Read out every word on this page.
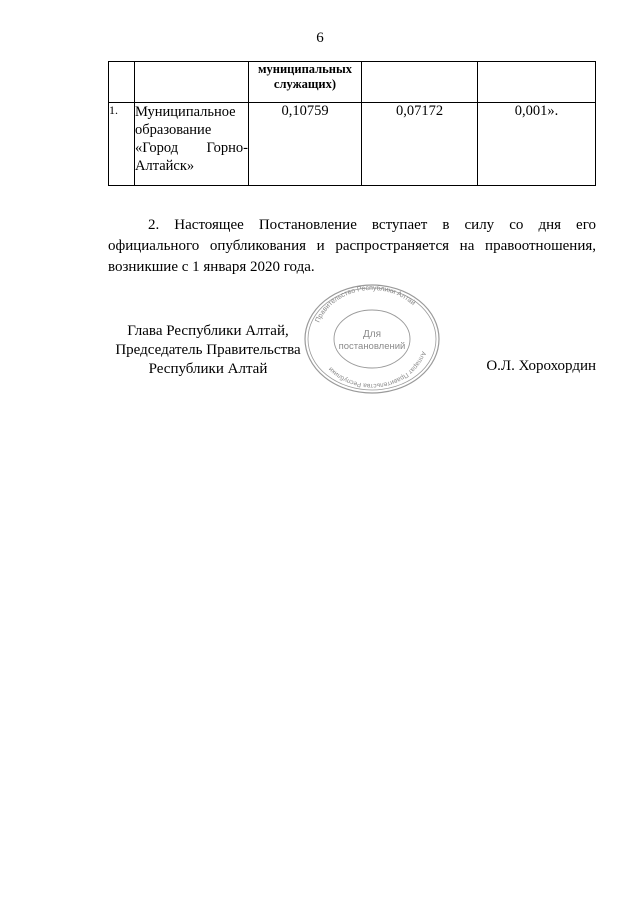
6
		муниципальных служащих)		
1.	Муниципальное образование «Город Горно-Алтайск»	0,10759	0,07172	0,001».

2. Настоящее Постановление вступает в силу со дня его официального опубликования и распространяется на правоотношения, возникшие с 1 января 2020 года.

Глава Республики Алтай,
Председатель Правительства
Республики Алтай
Правительство Республики Алтай
Аппарат Правительства Республики
Для
постановлений
О.Л. Хорохордин
